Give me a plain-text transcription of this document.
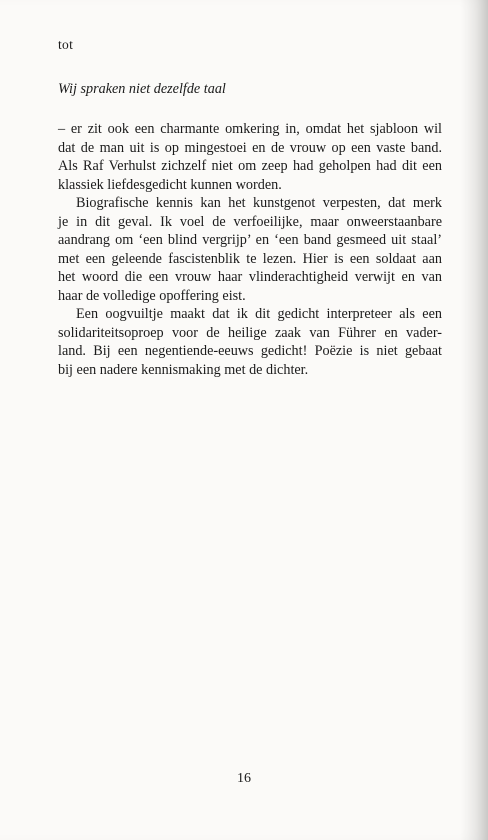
tot
Wij spraken niet dezelfde taal
– er zit ook een charmante omkering in, omdat het sjabloon wil
dat de man uit is op mingestoei en de vrouw op een vaste band.
Als Raf Verhulst zichzelf niet om zeep had geholpen had dit een
klassiek liefdesgedicht kunnen worden.
Biografische kennis kan het kunstgenot verpesten, dat merk
je in dit geval. Ik voel de verfoeilijke, maar onweerstaanbare
aandrang om ‘een blind vergrijp’ en ‘een band gesmeed uit staal’
met een geleende fascistenblik te lezen. Hier is een soldaat aan
het woord die een vrouw haar vlinderachtigheid verwijt en van
haar de volledige opoffering eist.
Een oogvuiltje maakt dat ik dit gedicht interpreteer als een
solidariteitsoproep voor de heilige zaak van Führer en vader-
land. Bij een negentiende-eeuws gedicht! Poëzie is niet gebaat
bij een nadere kennismaking met de dichter.
16
